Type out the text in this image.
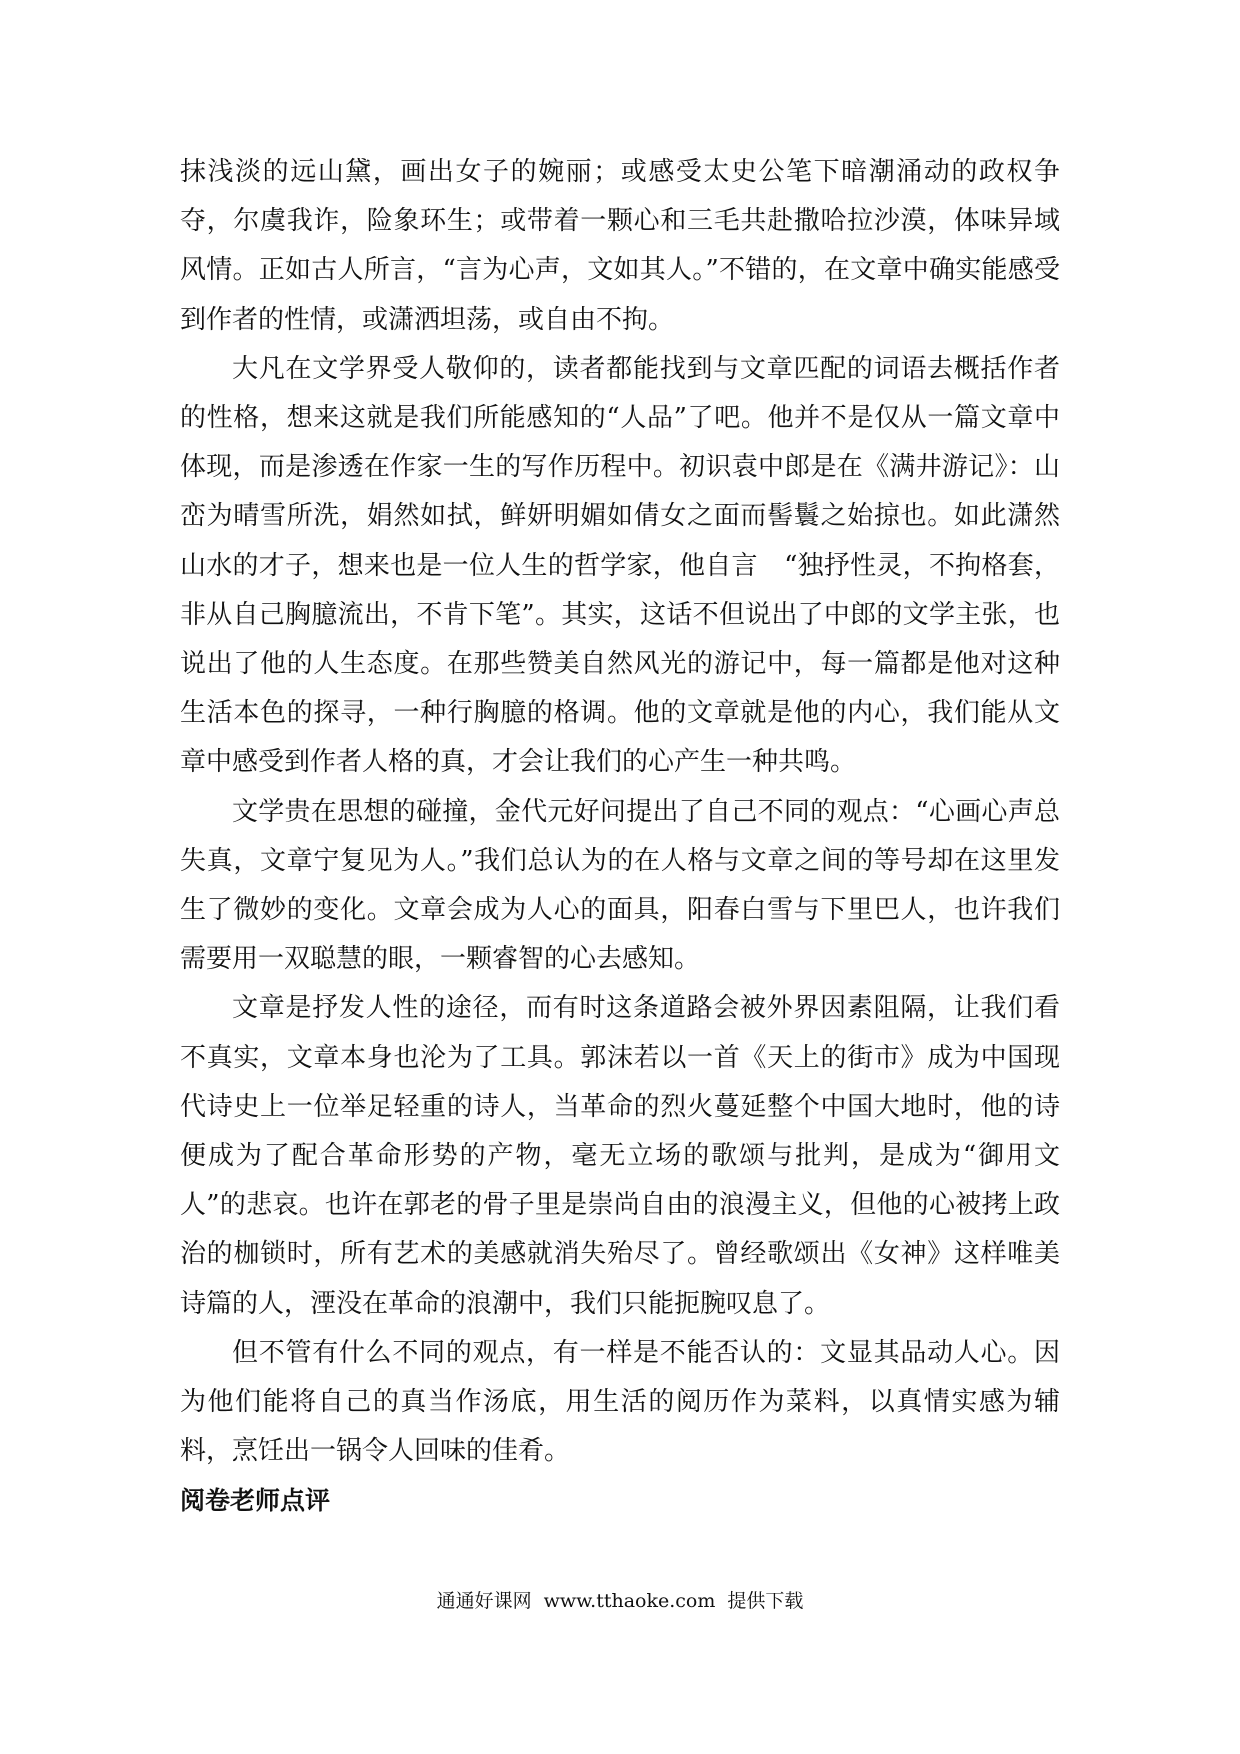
抹浅淡的远山黛，画出女子的婉丽；或感受太史公笔下暗潮涌动的政权争夺，尔虞我诈，险象环生；或带着一颗心和三毛共赴撒哈拉沙漠，体味异域风情。正如古人所言，“言为心声，文如其人。”不错的，在文章中确实能感受到作者的性情，或潇洒坦荡，或自由不拘。

大凡在文学界受人敬仰的，读者都能找到与文章匹配的词语去概括作者的性格，想来这就是我们所能感知的“人品”了吧。他并不是仅从一篇文章中体现，而是渗透在作家一生的写作历程中。初识袁中郎是在《满井游记》：山峦为晴雪所洗，娟然如拭，鲜妍明媚如倩女之面而髻鬟之始掠也。如此潇然山水的才子，想来也是一位人生的哲学家，他自言　“独抒性灵，不拘格套，非从自己胸臆流出，不肯下笔”。其实，这话不但说出了中郎的文学主张，也说出了他的人生态度。在那些赞美自然风光的游记中，每一篇都是他对这种生活本色的探寻，一种行胸臆的格调。他的文章就是他的内心，我们能从文章中感受到作者人格的真，才会让我们的心产生一种共鸣。

文学贵在思想的碰撞，金代元好问提出了自己不同的观点：“心画心声总失真，文章宁复见为人。”我们总认为的在人格与文章之间的等号却在这里发生了微妙的变化。文章会成为人心的面具，阳春白雪与下里巴人，也许我们需要用一双聪慧的眼，一颗睿智的心去感知。

文章是抒发人性的途径，而有时这条道路会被外界因素阻隔，让我们看不真实，文章本身也沦为了工具。郭沫若以一首《天上的街市》成为中国现代诗史上一位举足轻重的诗人，当革命的烈火蔓延整个中国大地时，他的诗便成为了配合革命形势的产物，毫无立场的歌颂与批判，是成为“御用文人”的悲哀。也许在郭老的骨子里是崇尚自由的浪漫主义，但他的心被拷上政治的枷锁时，所有艺术的美感就消失殆尽了。曾经歌颂出《女神》这样唯美诗篇的人，湮没在革命的浪潮中，我们只能扼腕叹息了。

但不管有什么不同的观点，有一样是不能否认的：文显其品动人心。因为他们能将自己的真当作汤底，用生活的阅历作为菜料，以真情实感为辅料，烹饪出一锅令人回味的佳肴。

阅卷老师点评

通通好课网 www.tthaoke.com 提供下载
